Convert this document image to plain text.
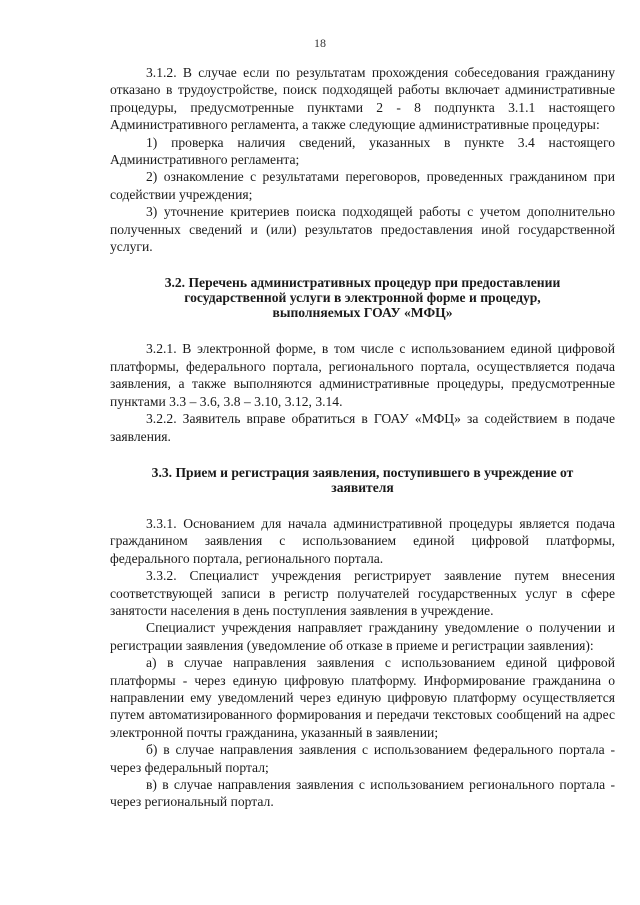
18

3.1.2. В случае если по результатам прохождения собеседования гражданину отказано в трудоустройстве, поиск подходящей работы включает административные процедуры, предусмотренные пунктами 2 - 8 подпункта 3.1.1 настоящего Административного регламента, а также следующие административные процедуры:

1) проверка наличия сведений, указанных в пункте 3.4 настоящего Административного регламента;

2) ознакомление с результатами переговоров, проведенных гражданином при содействии учреждения;

3) уточнение критериев поиска подходящей работы с учетом дополнительно полученных сведений и (или) результатов предоставления иной государственной услуги.

3.2. Перечень административных процедур при предоставлении государственной услуги в электронной форме и процедур, выполняемых ГОАУ «МФЦ»

3.2.1. В электронной форме, в том числе с использованием единой цифровой платформы, федерального портала, регионального портала, осуществляется подача заявления, а также выполняются административные процедуры, предусмотренные пунктами 3.3 – 3.6, 3.8 – 3.10, 3.12, 3.14.

3.2.2. Заявитель вправе обратиться в ГОАУ «МФЦ» за содействием в подаче заявления.

3.3. Прием и регистрация заявления, поступившего в учреждение от заявителя

3.3.1. Основанием для начала административной процедуры является подача гражданином заявления с использованием единой цифровой платформы, федерального портала, регионального портала.

3.3.2. Специалист учреждения регистрирует заявление путем внесения соответствующей записи в регистр получателей государственных услуг в сфере занятости населения в день поступления заявления в учреждение.

Специалист учреждения направляет гражданину уведомление о получении и регистрации заявления (уведомление об отказе в приеме и регистрации заявления):

а) в случае направления заявления с использованием единой цифровой платформы - через единую цифровую платформу. Информирование гражданина о направлении ему уведомлений через единую цифровую платформу осуществляется путем автоматизированного формирования и передачи текстовых сообщений на адрес электронной почты гражданина, указанный в заявлении;

б) в случае направления заявления с использованием федерального портала - через федеральный портал;

в) в случае направления заявления с использованием регионального портала - через региональный портал.
